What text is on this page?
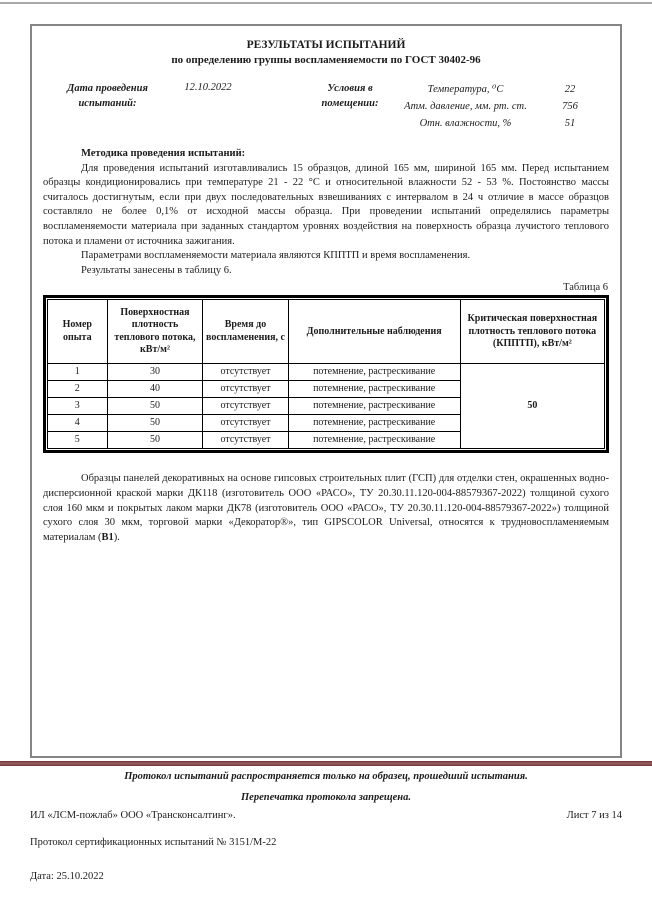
РЕЗУЛЬТАТЫ ИСПЫТАНИЙ
по определению группы воспламеняемости по ГОСТ 30402-96
Дата проведения испытаний:
12.10.2022	Условия в помещении:
Температура, ⁰С	22
Атм. давление, мм. рт. ст.	756
Отн. влажности, %	51
Методика проведения испытаний:
Для проведения испытаний изготавливались 15 образцов, длиной 165 мм, шириной 165 мм. Перед испытанием образцы кондиционировались при температуре 21 - 22 °С и относительной влажности 52 - 53 %. Постоянство массы считалось достигнутым, если при двух последовательных взвешиваниях с интервалом в 24 ч отличие в массе образцов составляло не более 0,1% от исходной массы образца. При проведении испытаний определялись параметры воспламеняемости материала при заданных стандартом уровнях воздействия на поверхность образца лучистого теплового потока и пламени от источника зажигания.
Параметрами воспламеняемости материала являются КППТП и время воспламенения.
Результаты занесены в таблицу 6.
Таблица 6
Номер опыта	Поверхностная плотность теплового потока, кВт/м²	Время до воспламенения, с	Дополнительные наблюдения	Критическая поверхностная плотность теплового потока (КППТП), кВт/м²
1	30	отсутствует	потемнение, растрескивание	50
2	40	отсутствует	потемнение, растрескивание	
3	50	отсутствует	потемнение, растрескивание	
4	50	отсутствует	потемнение, растрескивание	
5	50	отсутствует	потемнение, растрескивание	
Образцы панелей декоративных на основе гипсовых строительных плит (ГСП) для отделки стен, окрашенных водно-дисперсионной краской марки ДК118 (изготовитель ООО «РАСО», ТУ 20.30.11.120-004-88579367-2022) толщиной сухого слоя 160 мкм и покрытых лаком марки ДК78 (изготовитель ООО «РАСО», ТУ 20.30.11.120-004-88579367-2022») толщиной сухого слоя 30 мкм, торговой марки «Декоратор®», тип GIPSCOLOR Universal, относятся к трудновоспламеняемым материалам (В1).
Протокол испытаний распространяется только на образец, прошедший испытания.
Перепечатка протокола запрещена.
ИЛ «ЛСМ-пожлаб» ООО «Трансконсалтинг».	Лист 7 из 14
Протокол сертификационных испытаний № 3151/М-22
Дата: 25.10.2022
